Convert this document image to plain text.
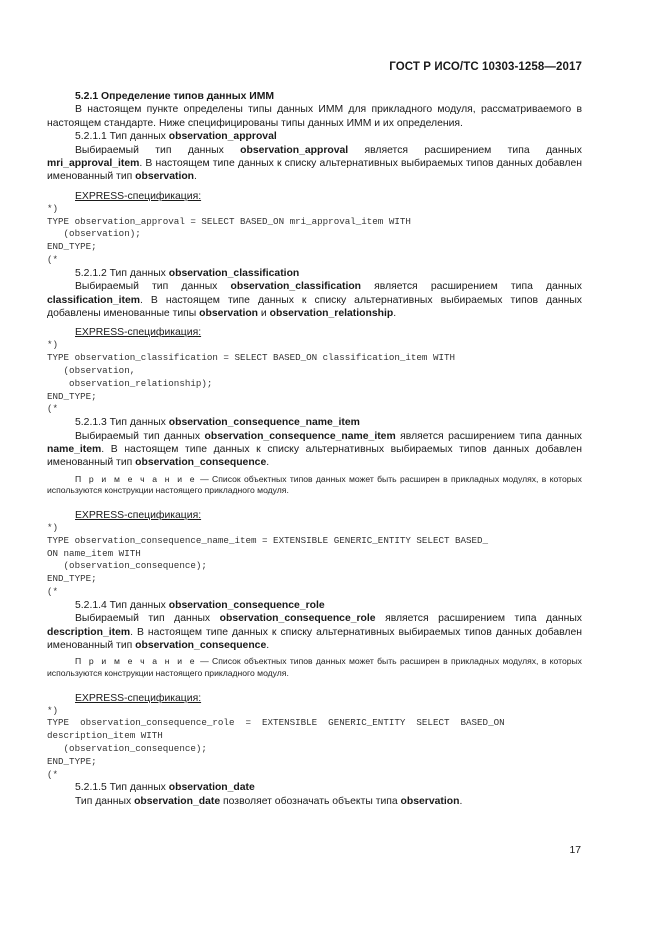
ГОСТ Р ИСО/ТС 10303-1258—2017
5.2.1 Определение типов данных ИММ

В настоящем пункте определены типы данных ИММ для прикладного модуля, рассматриваемого в настоящем стандарте. Ниже специфицированы типы данных ИММ и их определения.

5.2.1.1 Тип данных observation_approval

Выбираемый тип данных observation_approval является расширением типа данных mri_approval_item. В настоящем типе данных к списку альтернативных выбираемых типов данных добавлен именованный тип observation.

EXPRESS-спецификация:
*)
TYPE observation_approval = SELECT BASED_ON mri_approval_item WITH
(observation);
END_TYPE;
(*
5.2.1.2 Тип данных observation_classification

Выбираемый тип данных observation_classification является расширением типа данных classification_item. В настоящем типе данных к списку альтернативных выбираемых типов данных добавлены именованные типы observation и observation_relationship.

EXPRESS-спецификация:
*)
TYPE observation_classification = SELECT BASED_ON classification_item WITH
(observation,
observation_relationship);
END_TYPE;
(*
5.2.1.3 Тип данных observation_consequence_name_item

Выбираемый тип данных observation_consequence_name_item является расширением типа данных name_item. В настоящем типе данных к списку альтернативных выбираемых типов данных добавлен именованный тип observation_consequence.

П р и м е ч а н и е — Список объектных типов данных может быть расширен в прикладных модулях, в которых используются конструкции настоящего прикладного модуля.

EXPRESS-спецификация:
*)
TYPE observation_consequence_name_item = EXTENSIBLE GENERIC_ENTITY SELECT BASED_
ON name_item WITH
(observation_consequence);
END_TYPE;
(*
5.2.1.4 Тип данных observation_consequence_role

Выбираемый тип данных observation_consequence_role является расширением типа данных description_item. В настоящем типе данных к списку альтернативных выбираемых типов данных добавлен именованный тип observation_consequence.

П р и м е ч а н и е — Список объектных типов данных может быть расширен в прикладных модулях, в которых используются конструкции настоящего прикладного модуля.

EXPRESS-спецификация:
*)
TYPE  observation_consequence_role  =  EXTENSIBLE  GENERIC_ENTITY  SELECT  BASED_ON
description_item WITH
(observation_consequence);
END_TYPE;
(*
5.2.1.5 Тип данных observation_date

Тип данных observation_date позволяет обозначать объекты типа observation.

17
